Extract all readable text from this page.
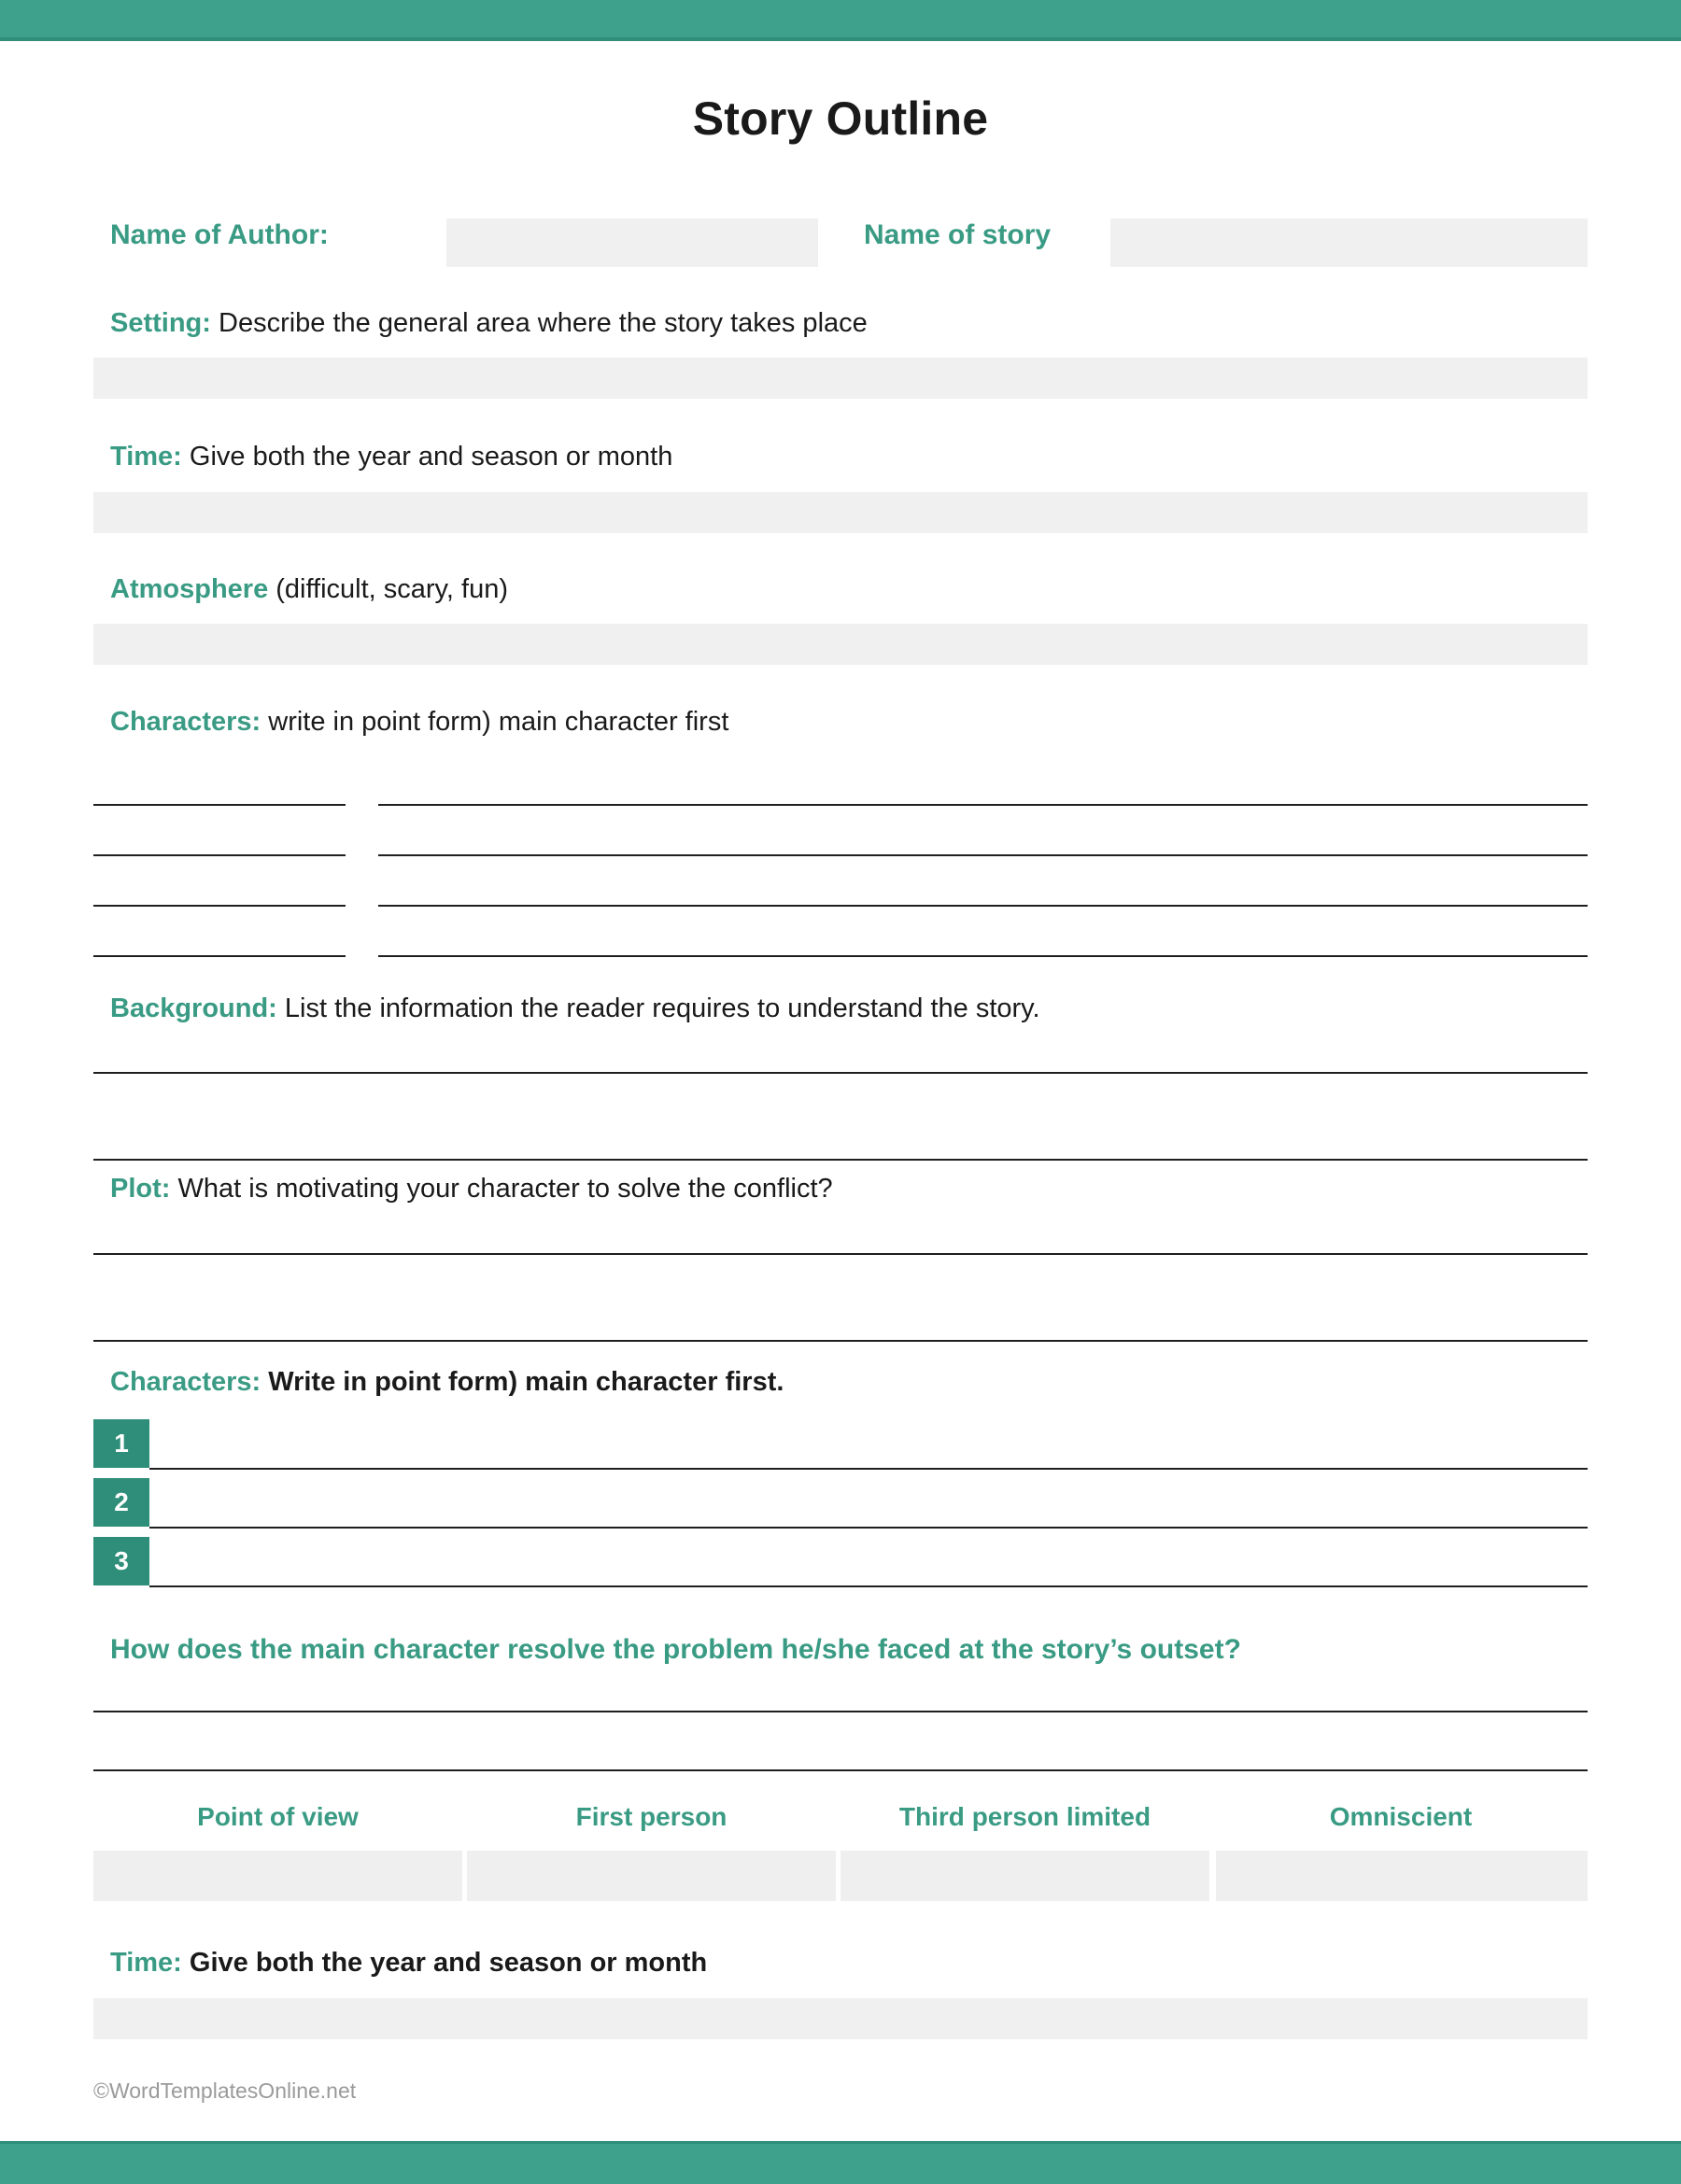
Story Outline
Name of Author:	Name of story
Setting: Describe the general area where the story takes place
Time: Give both the year and season or month
Atmosphere (difficult, scary, fun)
Characters: write in point form) main character first
Background: List the information the reader requires to understand the story.
Plot: What is motivating your character to solve the conflict?
Characters: Write in point form) main character first.
1
2
3
How does the main character resolve the problem he/she faced at the story’s outset?
Point of view	First person	Third person limited	Omniscient
Time: Give both the year and season or month
©WordTemplatesOnline.net
